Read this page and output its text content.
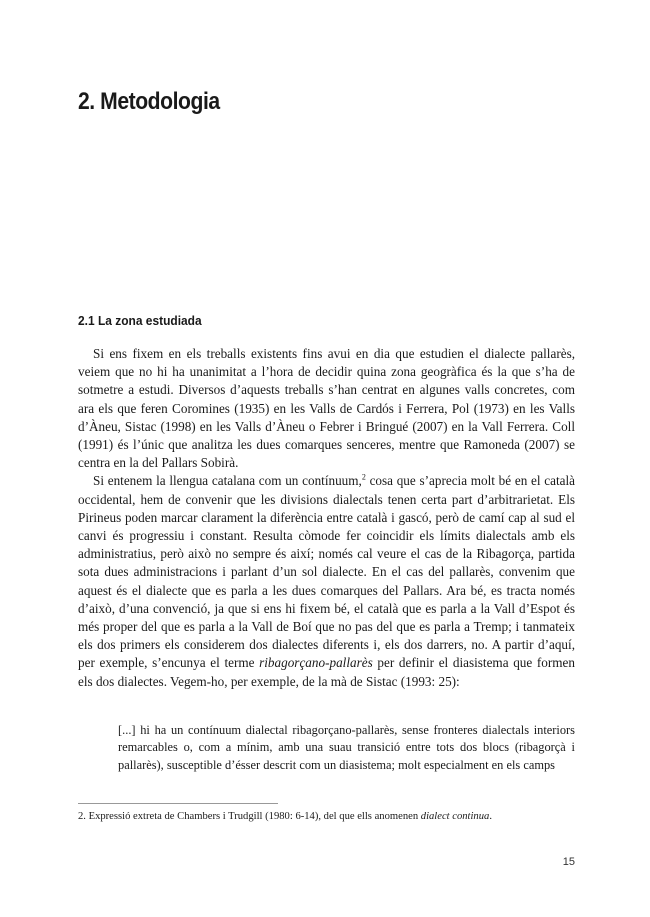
2. Metodologia
2.1 La zona estudiada

Si ens fixem en els treballs existents fins avui en dia que estudien el dialecte pallarès, veiem que no hi ha unanimitat a l’hora de decidir quina zona geogràfica és la que s’ha de sotmetre a estudi. Diversos d’aquests treballs s’han centrat en algunes valls concretes, com ara els que feren Coromines (1935) en les Valls de Cardós i Ferrera, Pol (1973) en les Valls d’Àneu, Sistac (1998) en les Valls d’Àneu o Febrer i Bringué (2007) en la Vall Ferrera. Coll (1991) és l’únic que analitza les dues comarques senceres, mentre que Ramoneda (2007) se centra en la del Pallars Sobirà.

Si entenem la llengua catalana com un contínuum,$^2$ cosa que s’aprecia molt bé en el català occidental, hem de convenir que les divisions dialectals tenen certa part d’arbitrarietat. Els Pirineus poden marcar clarament la diferència entre català i gascó, però de camí cap al sud el canvi és progressiu i constant. Resulta còmode fer coincidir els límits dialectals amb els administratius, però això no sempre és així; només cal veure el cas de la Ribagorça, partida sota dues administracions i parlant d’un sol dialecte. En el cas del pallarès, convenim que aquest és el dialecte que es parla a les dues comarques del Pallars. Ara bé, es tracta només d’això, d’una convenció, ja que si ens hi fixem bé, el català que es parla a la Vall d’Espot és més proper del que es parla a la Vall de Boí que no pas del que es parla a Tremp; i tanmateix els dos primers els considerem dos dialectes diferents i, els dos darrers, no. A partir d’aquí, per exemple, s’encunya el terme ribagorçano-pallarès per definir el diasistema que formen els dos dialectes. Vegem-ho, per exemple, de la mà de Sistac (1993: 25):

[...] hi ha un contínuum dialectal ribagorçano-pallarès, sense fronteres dialectals interiors remarcables o, com a mínim, amb una suau transició entre tots dos blocs (ribagorçà i pallarès), susceptible d’ésser descrit com un diasistema; molt especialment en els camps

2. Expressió extreta de Chambers i Trudgill (1980: 6-14), del que ells anomenen dialect continua.

15
